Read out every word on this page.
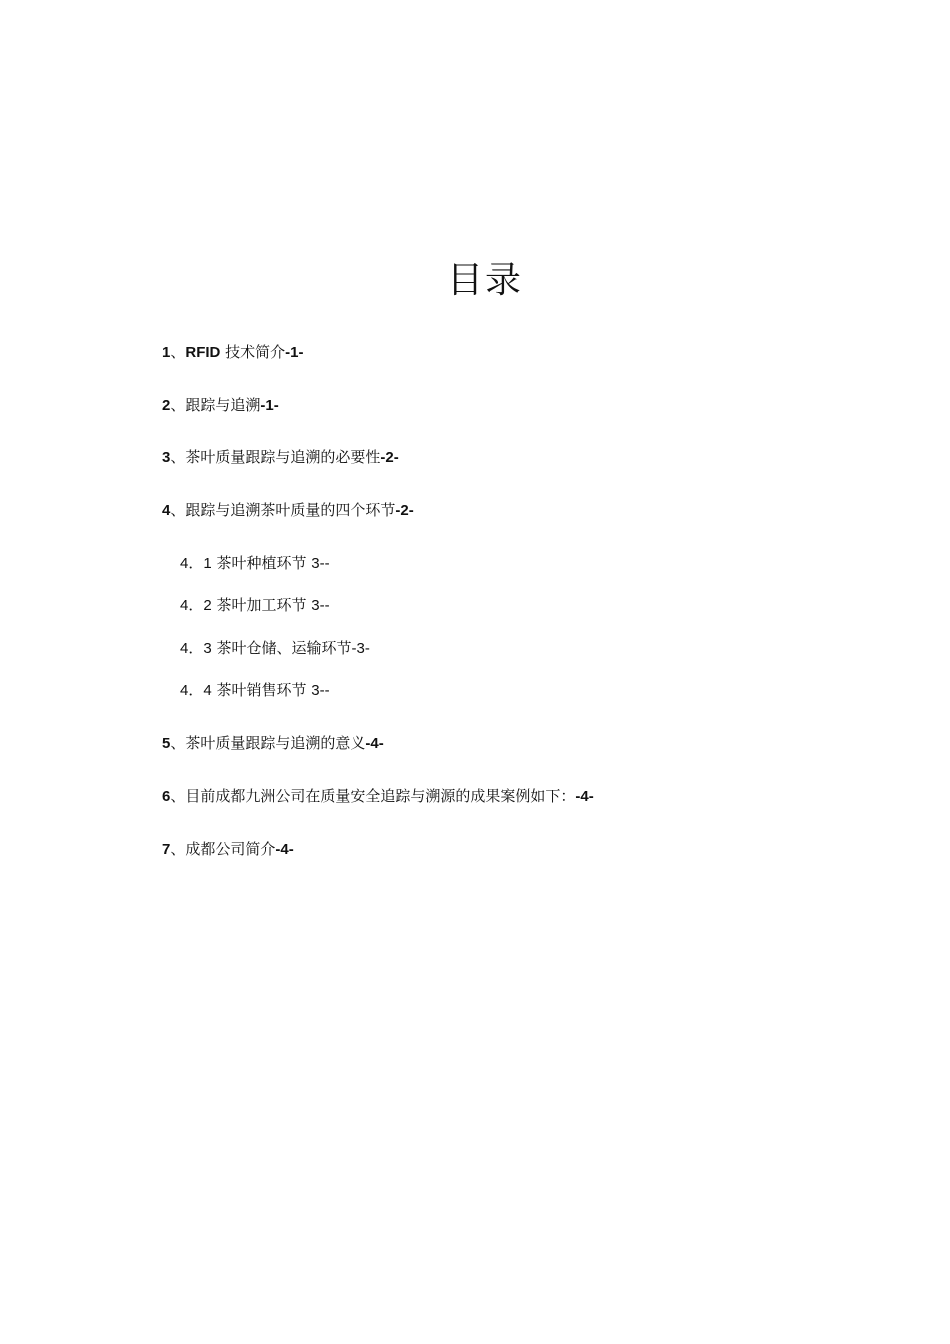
目录
1、RFID 技术简介-1-
2、跟踪与追溯-1-
3、茶叶质量跟踪与追溯的必要性-2-
4、跟踪与追溯茶叶质量的四个环节-2-
4．1 茶叶种植环节 3--
4．2 茶叶加工环节 3--
4．3 茶叶仓储、运输环节-3-
4．4 茶叶销售环节 3--
5、茶叶质量跟踪与追溯的意义-4-
6、目前成都九洲公司在质量安全追踪与溯源的成果案例如下：-4-
7、成都公司简介-4-
